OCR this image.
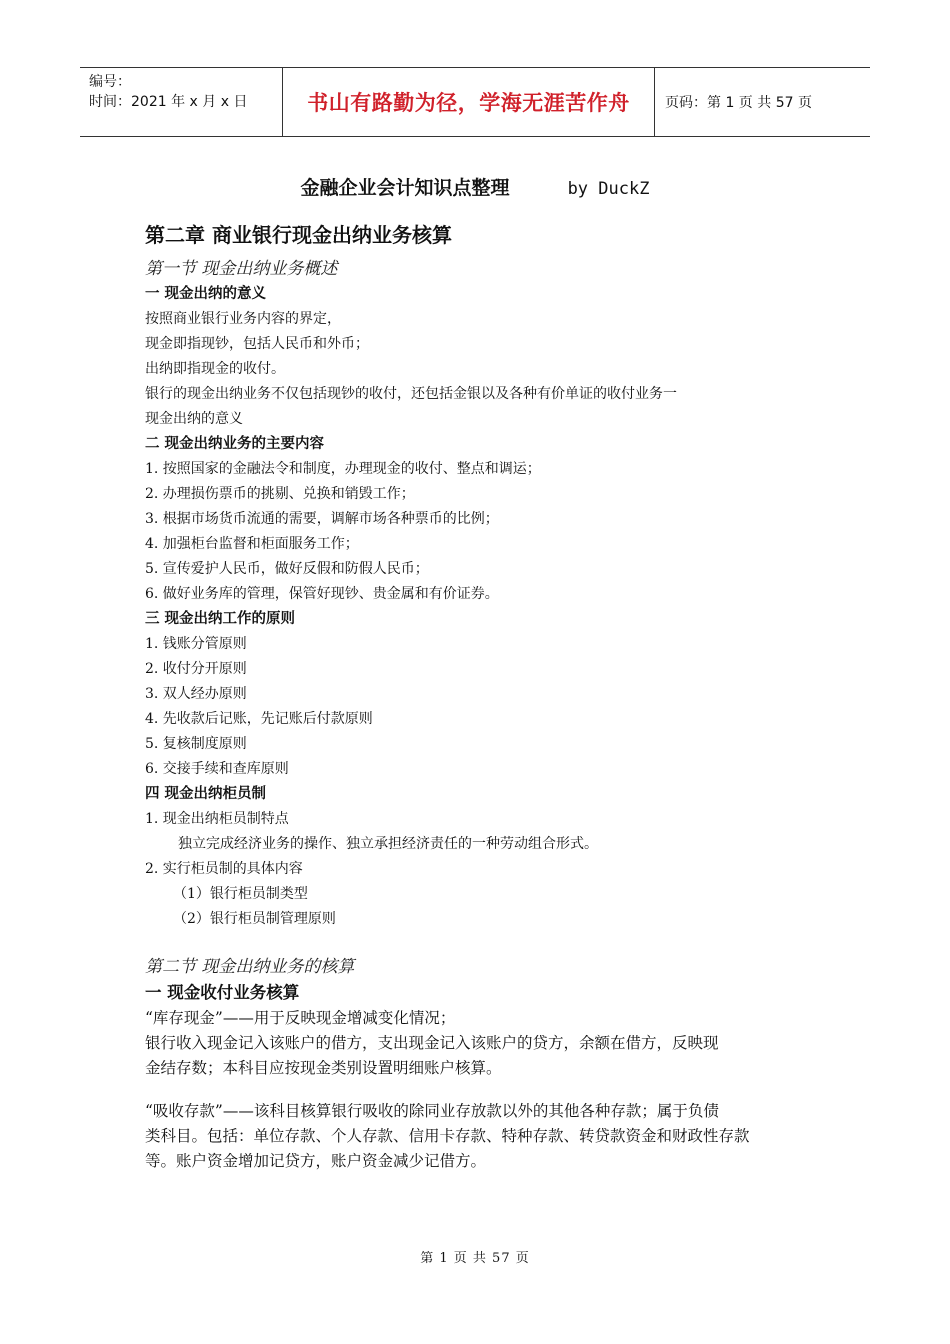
编号：
时间：2021 年 x 月 x 日	书山有路勤为径，学海无涯苦作舟	页码：第 1 页 共 57 页
金融企业会计知识点整理	by DuckZ
第二章 商业银行现金出纳业务核算
第一节 现金出纳业务概述
一 现金出纳的意义
按照商业银行业务内容的界定，
现金即指现钞，包括人民币和外币；
出纳即指现金的收付。
银行的现金出纳业务不仅包括现钞的收付，还包括金银以及各种有价单证的收付业务一
现金出纳的意义
二 现金出纳业务的主要内容
1. 按照国家的金融法令和制度，办理现金的收付、整点和调运；
2. 办理损伤票币的挑剔、兑换和销毁工作；
3. 根据市场货币流通的需要，调解市场各种票币的比例；
4. 加强柜台监督和柜面服务工作；
5. 宣传爱护人民币，做好反假和防假人民币；
6. 做好业务库的管理，保管好现钞、贵金属和有价证券。
三 现金出纳工作的原则
1. 钱账分管原则
2. 收付分开原则
3. 双人经办原则
4. 先收款后记账，先记账后付款原则
5. 复核制度原则
6. 交接手续和查库原则
四 现金出纳柜员制
1. 现金出纳柜员制特点
独立完成经济业务的操作、独立承担经济责任的一种劳动组合形式。
2. 实行柜员制的具体内容
（1）银行柜员制类型
（2）银行柜员制管理原则
第二节 现金出纳业务的核算
一 现金收付业务核算
“库存现金”——用于反映现金增减变化情况；
银行收入现金记入该账户的借方，支出现金记入该账户的贷方，余额在借方，反映现
金结存数；本科目应按现金类别设置明细账户核算。
“吸收存款”——该科目核算银行吸收的除同业存放款以外的其他各种存款；属于负债
类科目。包括：单位存款、个人存款、信用卡存款、特种存款、转贷款资金和财政性存款
等。账户资金增加记贷方，账户资金减少记借方。
第 1 页 共 57 页
